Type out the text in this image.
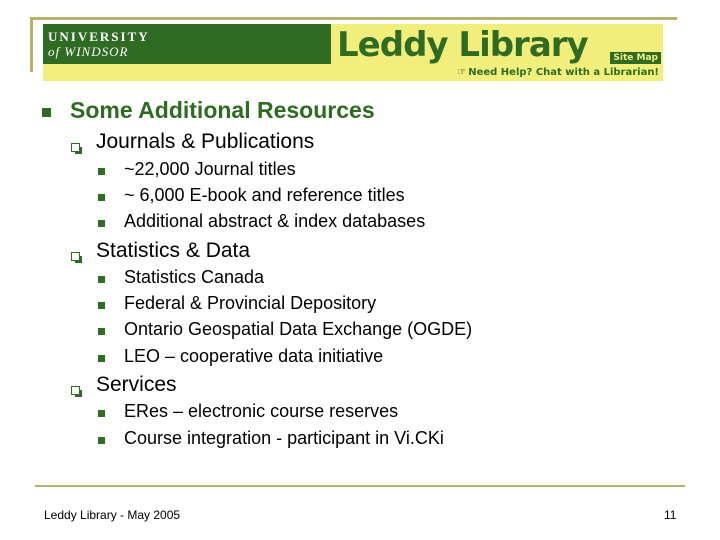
UNIVERSITY
of WINDSOR	Leddy Library	Site Map
☞ Need Help? Chat with a Librarian!
Some Additional Resources
Journals & Publications
~22,000 Journal titles
~ 6,000 E-book and reference titles
Additional abstract & index databases
Statistics & Data
Statistics Canada
Federal & Provincial Depository
Ontario Geospatial Data Exchange (OGDE)
LEO – cooperative data initiative
Services
ERes – electronic course reserves
Course integration - participant in Vi.CKi
Leddy Library - May 2005	11
